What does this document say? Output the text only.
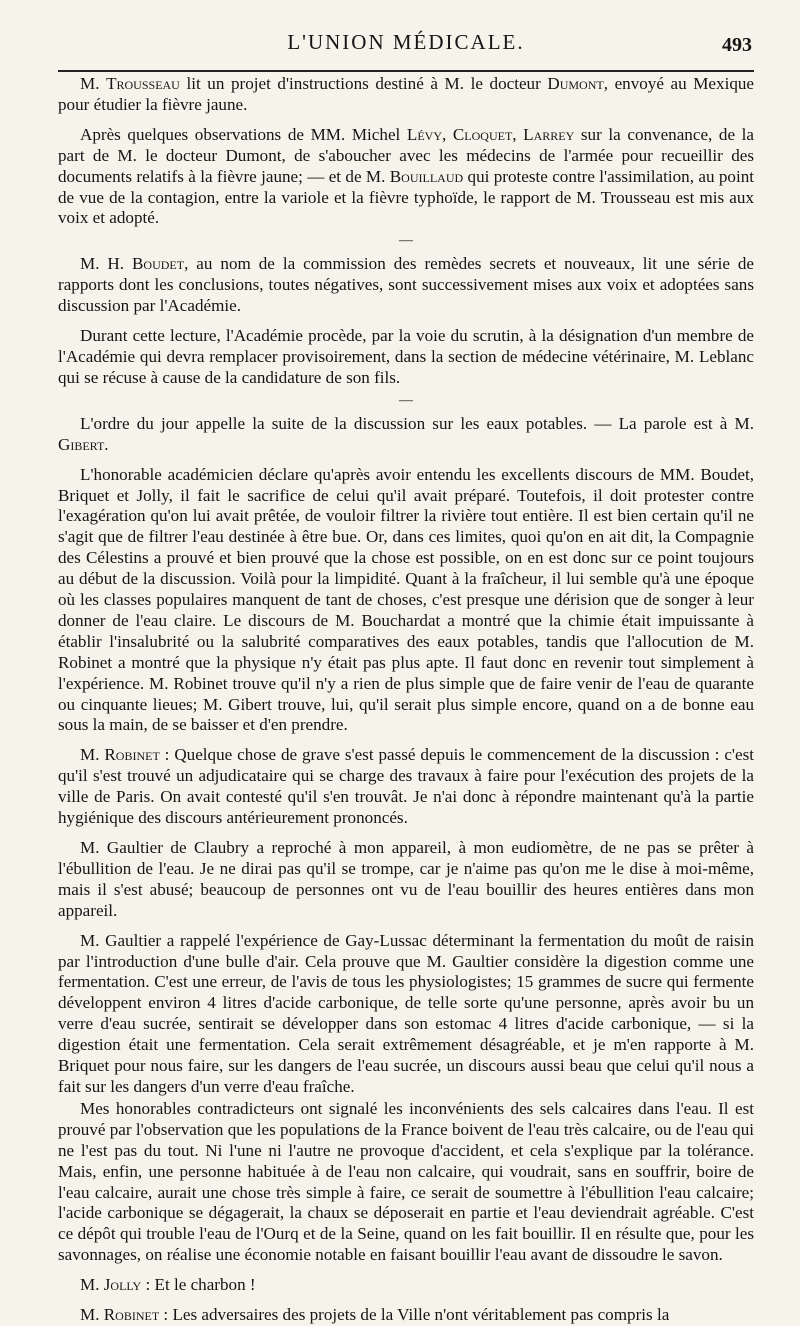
L'UNION MÉDICALE.	493

M. Trousseau lit un projet d'instructions destiné à M. le docteur Dumont, envoyé au Mexique pour étudier la fièvre jaune.

Après quelques observations de MM. Michel Lévy, Cloquet, Larrey sur la convenance, de la part de M. le docteur Dumont, de s'aboucher avec les médecins de l'armée pour recueillir des documents relatifs à la fièvre jaune; — et de M. Bouillaud qui proteste contre l'assimilation, au point de vue de la contagion, entre la variole et la fièvre typhoïde, le rapport de M. Trousseau est mis aux voix et adopté.

—

M. H. Boudet, au nom de la commission des remèdes secrets et nouveaux, lit une série de rapports dont les conclusions, toutes négatives, sont successivement mises aux voix et adoptées sans discussion par l'Académie.

Durant cette lecture, l'Académie procède, par la voie du scrutin, à la désignation d'un membre de l'Académie qui devra remplacer provisoirement, dans la section de médecine vétérinaire, M. Leblanc qui se récuse à cause de la candidature de son fils.

—

L'ordre du jour appelle la suite de la discussion sur les eaux potables. — La parole est à M. Gibert.

L'honorable académicien déclare qu'après avoir entendu les excellents discours de MM. Boudet, Briquet et Jolly, il fait le sacrifice de celui qu'il avait préparé. Toutefois, il doit protester contre l'exagération qu'on lui avait prêtée, de vouloir filtrer la rivière tout entière. Il est bien certain qu'il ne s'agit que de filtrer l'eau destinée à être bue. Or, dans ces limites, quoi qu'on en ait dit, la Compagnie des Célestins a prouvé et bien prouvé que la chose est possible, on en est donc sur ce point toujours au début de la discussion. Voilà pour la limpidité. Quant à la fraîcheur, il lui semble qu'à une époque où les classes populaires manquent de tant de choses, c'est presque une dérision que de songer à leur donner de l'eau claire. Le discours de M. Bouchardat a montré que la chimie était impuissante à établir l'insalubrité ou la salubrité comparatives des eaux potables, tandis que l'allocution de M. Robinet a montré que la physique n'y était pas plus apte. Il faut donc en revenir tout simplement à l'expérience. M. Robinet trouve qu'il n'y a rien de plus simple que de faire venir de l'eau de quarante ou cinquante lieues; M. Gibert trouve, lui, qu'il serait plus simple encore, quand on a de bonne eau sous la main, de se baisser et d'en prendre.

M. Robinet : Quelque chose de grave s'est passé depuis le commencement de la discussion : c'est qu'il s'est trouvé un adjudicataire qui se charge des travaux à faire pour l'exécution des projets de la ville de Paris. On avait contesté qu'il s'en trouvât. Je n'ai donc à répondre maintenant qu'à la partie hygiénique des discours antérieurement prononcés.

M. Gaultier de Claubry a reproché à mon appareil, à mon eudiomètre, de ne pas se prêter à l'ébullition de l'eau. Je ne dirai pas qu'il se trompe, car je n'aime pas qu'on me le dise à moi-même, mais il s'est abusé; beaucoup de personnes ont vu de l'eau bouillir des heures entières dans mon appareil.

M. Gaultier a rappelé l'expérience de Gay-Lussac déterminant la fermentation du moût de raisin par l'introduction d'une bulle d'air. Cela prouve que M. Gaultier considère la digestion comme une fermentation. C'est une erreur, de l'avis de tous les physiologistes; 15 grammes de sucre qui fermente développent environ 4 litres d'acide carbonique, de telle sorte qu'une personne, après avoir bu un verre d'eau sucrée, sentirait se développer dans son estomac 4 litres d'acide carbonique, — si la digestion était une fermentation. Cela serait extrêmement désagréable, et je m'en rapporte à M. Briquet pour nous faire, sur les dangers de l'eau sucrée, un discours aussi beau que celui qu'il nous a fait sur les dangers d'un verre d'eau fraîche.

Mes honorables contradicteurs ont signalé les inconvénients des sels calcaires dans l'eau. Il est prouvé par l'observation que les populations de la France boivent de l'eau très calcaire, ou de l'eau qui ne l'est pas du tout. Ni l'une ni l'autre ne provoque d'accident, et cela s'explique par la tolérance. Mais, enfin, une personne habituée à de l'eau non calcaire, qui voudrait, sans en souffrir, boire de l'eau calcaire, aurait une chose très simple à faire, ce serait de soumettre à l'ébullition l'eau calcaire; l'acide carbonique se dégagerait, la chaux se déposerait en partie et l'eau deviendrait agréable. C'est ce dépôt qui trouble l'eau de l'Ourq et de la Seine, quand on les fait bouillir. Il en résulte que, pour les savonnages, on réalise une économie notable en faisant bouillir l'eau avant de dissoudre le savon.

M. Jolly : Et le charbon !

M. Robinet : Les adversaires des projets de la Ville n'ont véritablement pas compris la
